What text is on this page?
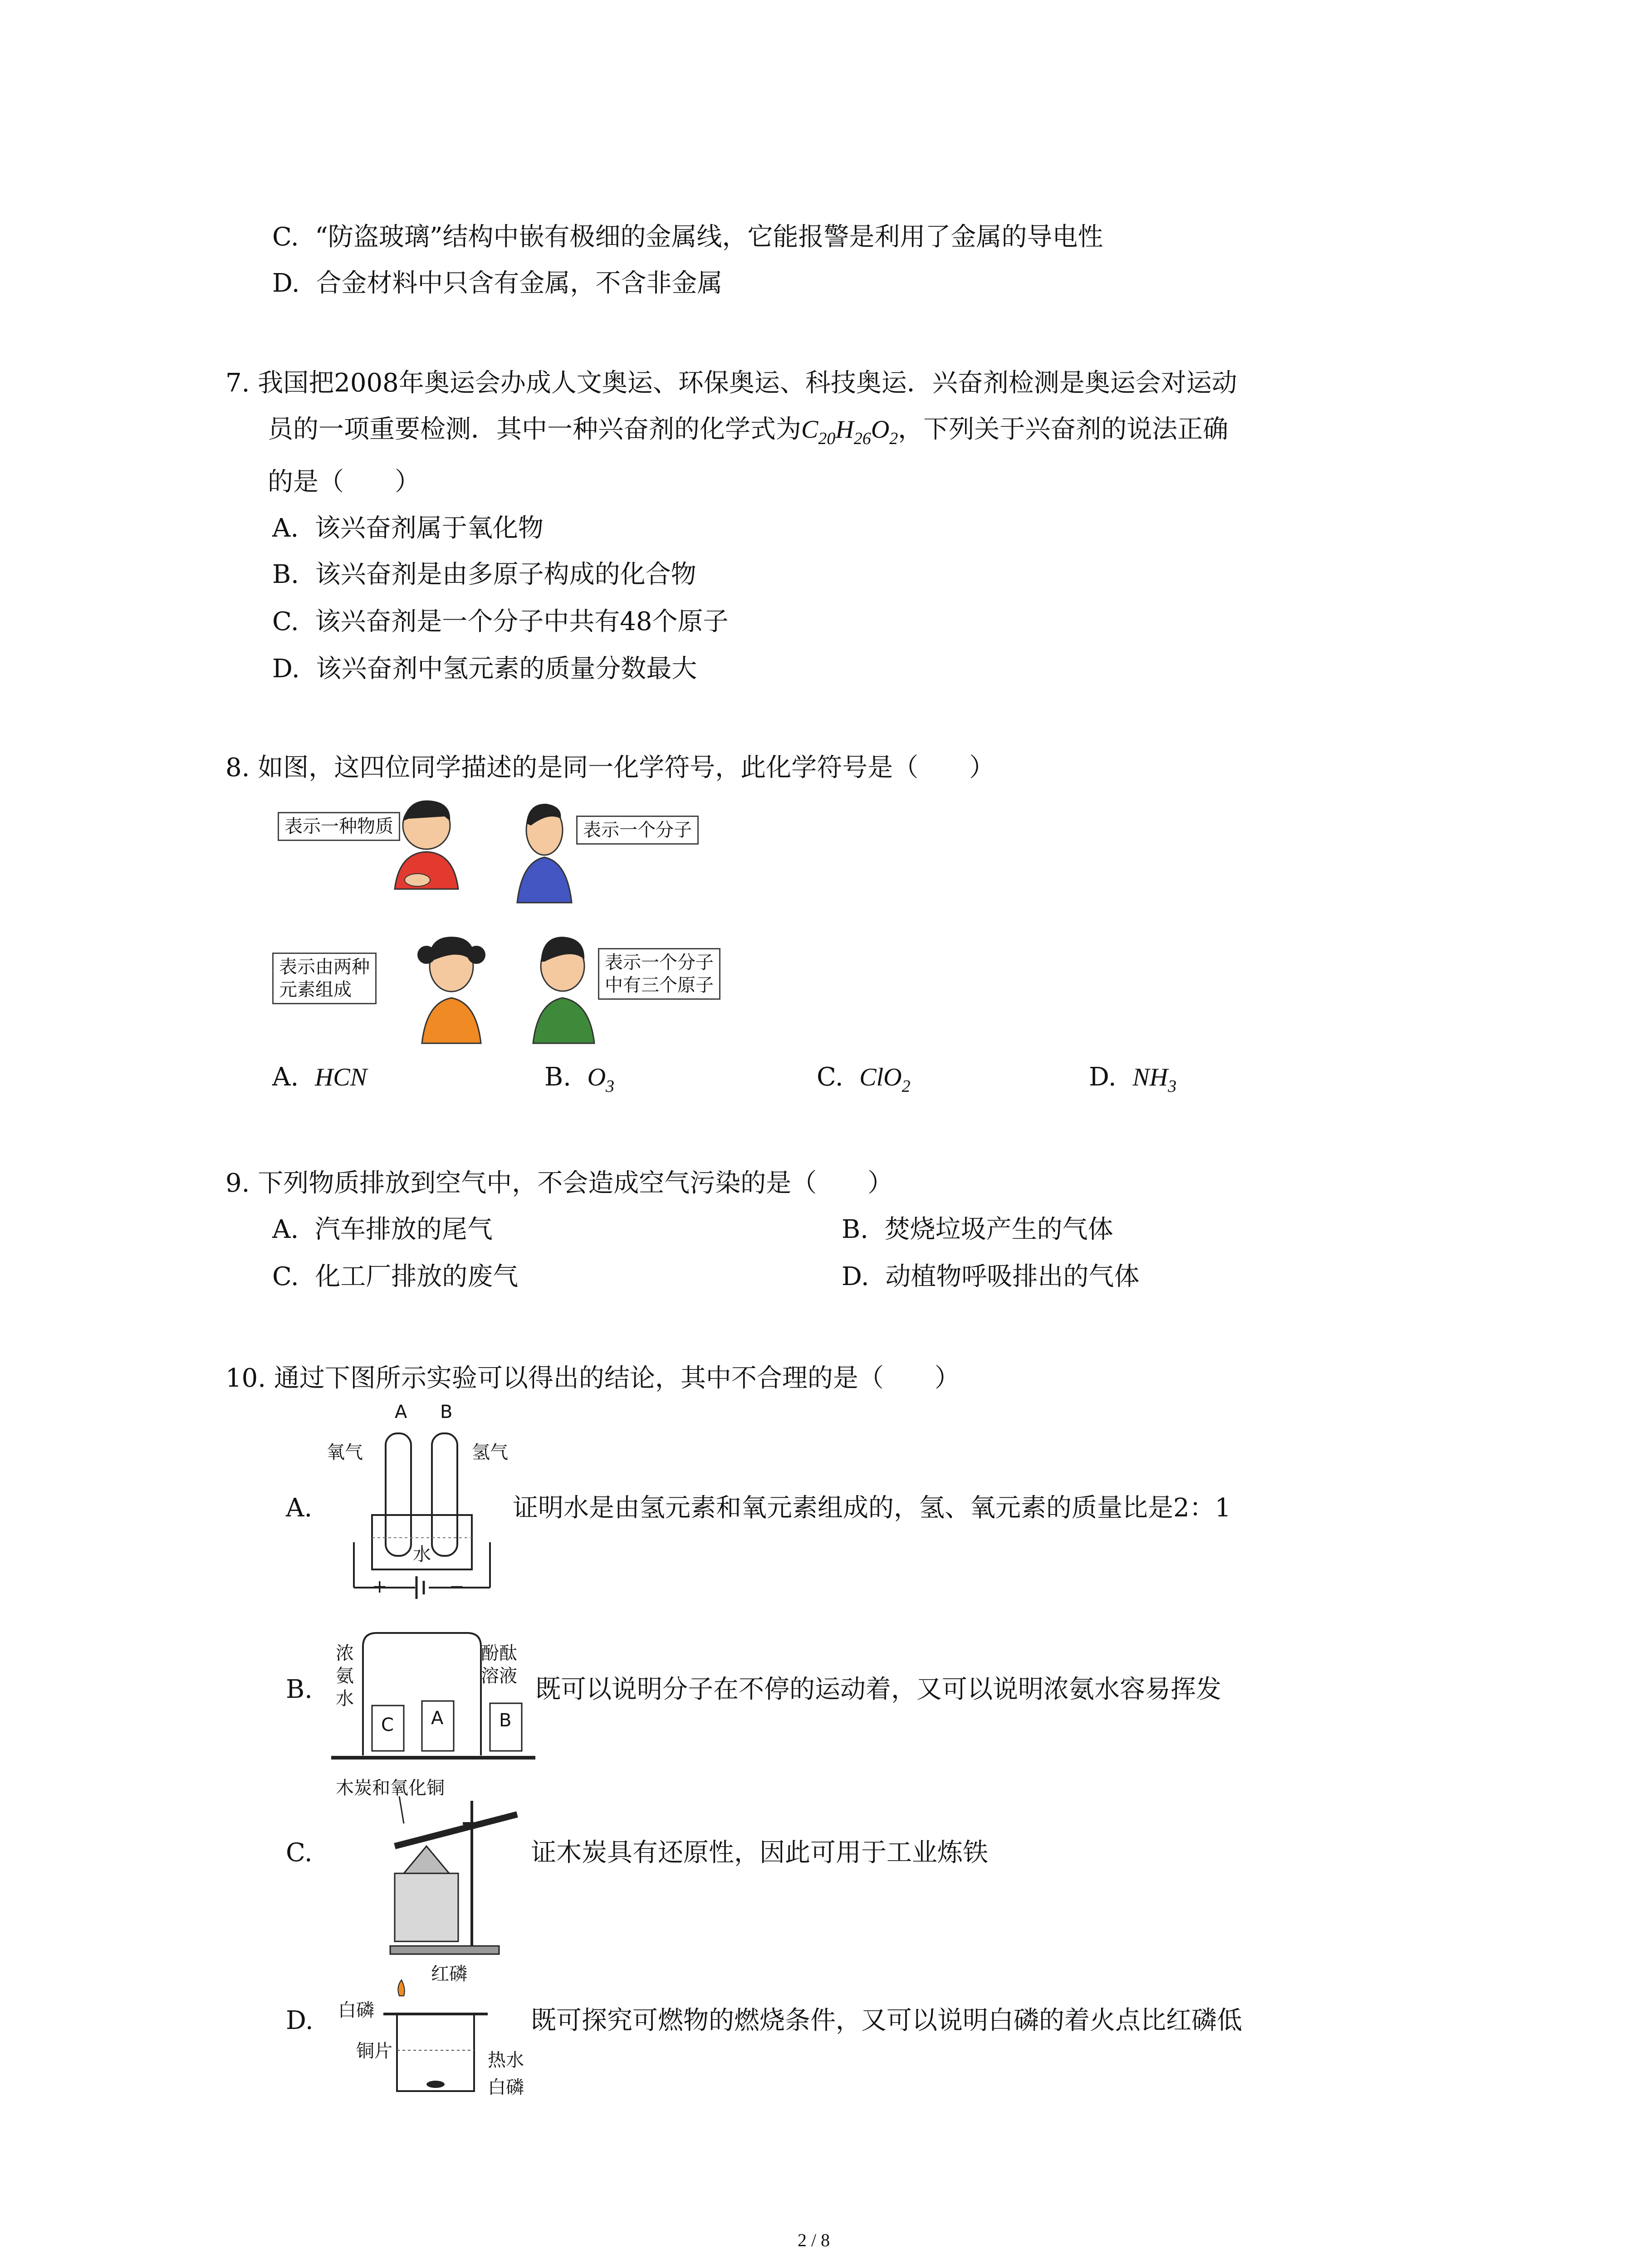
C. “防盗玻璃”结构中嵌有极细的金属线，它能报警是利用了金属的导电性
D. 合金材料中只含有金属，不含非金属
7. 我国把2008年奥运会办成人文奥运、环保奥运、科技奥运．兴奋剂检测是奥运会对运动
员的一项重要检测．其中一种兴奋剂的化学式为$C_{20}H_{26}O_2$，下列关于兴奋剂的说法正确
的是（　　）
A. 该兴奋剂属于氧化物
B. 该兴奋剂是由多原子构成的化合物
C. 该兴奋剂是一个分子中共有48个原子
D. 该兴奋剂中氢元素的质量分数最大
8. 如图，这四位同学描述的是同一化学符号，此化学符号是（　　）
表示一种物质	表示一个分子
表示由两种
元素组成
表示一个分子
中有三个原子
A. HCN	B. $O_3$	C. ClO$_2$	D. $NH_3$
9. 下列物质排放到空气中，不会造成空气污染的是（　　）
A. 汽车排放的尾气	B. 焚烧垃圾产生的气体
C. 化工厂排放的废气	D. 动植物呼吸排出的气体
10. 通过下图所示实验可以得出的结论，其中不合理的是（　　）
A B
氧气	氢气
水
+	−
A.	证明水是由氢元素和氧元素组成的，氢、氧元素的质量比是2：1
浓
氨
水
酚酞
溶液
C A	B
B.	既可以说明分子在不停的运动着，又可以说明浓氨水容易挥发
木炭和氧化铜
C.	证木炭具有还原性，因此可用于工业炼铁
红磷
白磷
铜片	热水
白磷
D.	既可探究可燃物的燃烧条件，又可以说明白磷的着火点比红磷低
2 / 8
